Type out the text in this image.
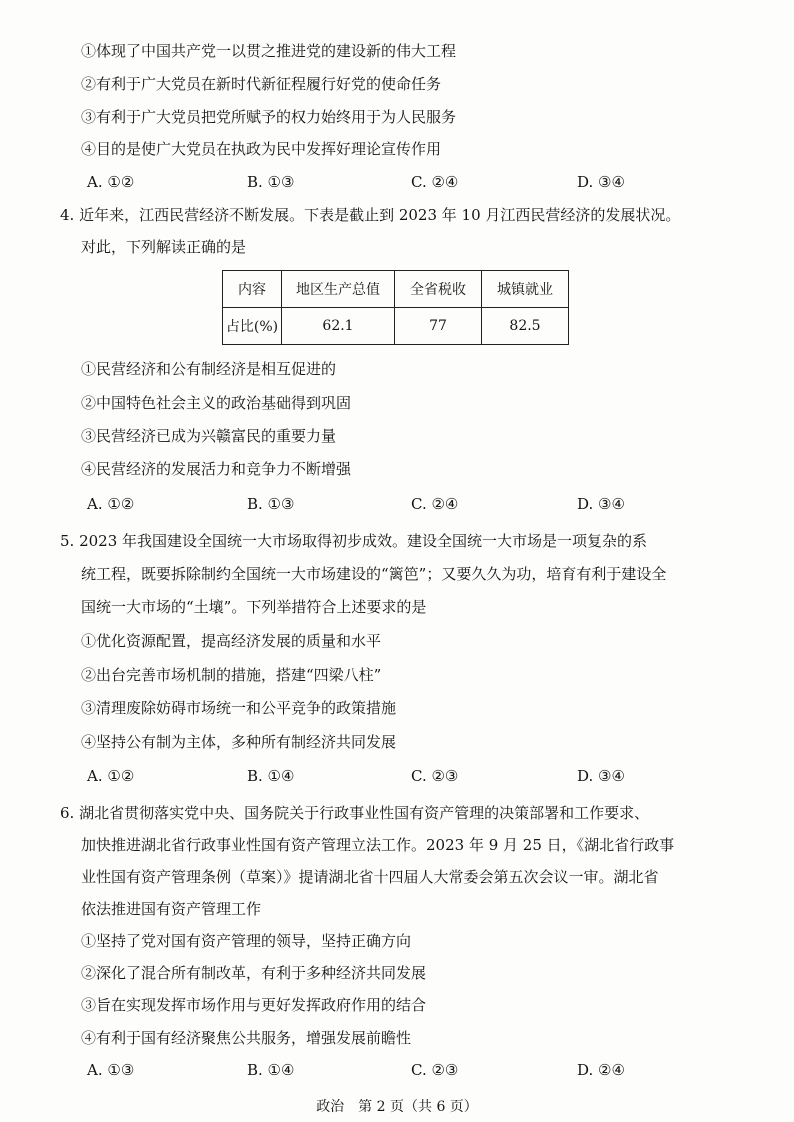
①体现了中国共产党一以贯之推进党的建设新的伟大工程
②有利于广大党员在新时代新征程履行好党的使命任务
③有利于广大党员把党所赋予的权力始终用于为人民服务
④目的是使广大党员在执政为民中发挥好理论宣传作用
A. ①②	B. ①③	C. ②④	D. ③④
4. 近年来，江西民营经济不断发展。下表是截止到 2023 年 10 月江西民营经济的发展状况。
对此，下列解读正确的是
内容	地区生产总值	全省税收	城镇就业
占比(%)	62.1	77	82.5
①民营经济和公有制经济是相互促进的
②中国特色社会主义的政治基础得到巩固
③民营经济已成为兴赣富民的重要力量
④民营经济的发展活力和竞争力不断增强
A. ①②	B. ①③	C. ②④	D. ③④
5. 2023 年我国建设全国统一大市场取得初步成效。建设全国统一大市场是一项复杂的系
统工程，既要拆除制约全国统一大市场建设的“篱笆”；又要久久为功，培育有利于建设全
国统一大市场的“土壤”。下列举措符合上述要求的是
①优化资源配置，提高经济发展的质量和水平
②出台完善市场机制的措施，搭建“四梁八柱”
③清理废除妨碍市场统一和公平竞争的政策措施
④坚持公有制为主体，多种所有制经济共同发展
A. ①②	B. ①④	C. ②③	D. ③④
6. 湖北省贯彻落实党中央、国务院关于行政事业性国有资产管理的决策部署和工作要求、
加快推进湖北省行政事业性国有资产管理立法工作。2023 年 9 月 25 日，《湖北省行政事
业性国有资产管理条例（草案）》提请湖北省十四届人大常委会第五次会议一审。湖北省
依法推进国有资产管理工作
①坚持了党对国有资产管理的领导，坚持正确方向
②深化了混合所有制改革，有利于多种经济共同发展
③旨在实现发挥市场作用与更好发挥政府作用的结合
④有利于国有经济聚焦公共服务，增强发展前瞻性
A. ①③	B. ①④	C. ②③	D. ②④
政治　第 2 页（共 6 页）
